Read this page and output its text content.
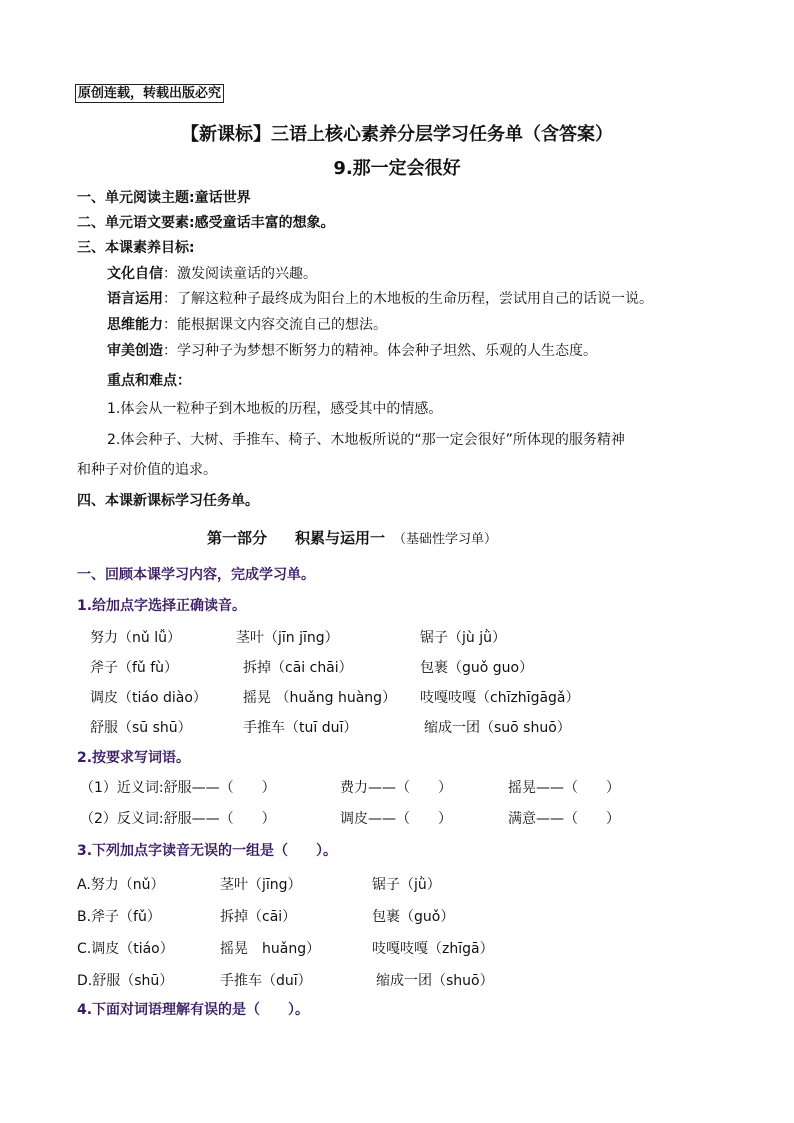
原创连载，转载出版必究
【新课标】三语上核心素养分层学习任务单（含答案）
9.那一定会很好
一、单元阅读主题:童话世界
二、单元语文要素:感受童话丰富的想象。
三、本课素养目标:
文化自信：激发阅读童话的兴趣。
语言运用：了解这粒种子最终成为阳台上的木地板的生命历程，尝试用自己的话说一说。
思维能力：能根据课文内容交流自己的想法。
审美创造：学习种子为梦想不断努力的精神。体会种子坦然、乐观的人生态度。
重点和难点：
1.体会从一粒种子到木地板的历程，感受其中的情感。
2.体会种子、大树、手推车、椅子、木地板所说的“那一定会很好”所体现的服务精神
和种子对价值的追求。
四、本课新课标学习任务单。
第一部分 积累与运用一 （基础性学习单）
一、回顾本课学习内容，完成学习单。
1.给加点字选择正确读音。
努力（nǔ lǚ）	茎叶（jīn jīng）	锯子（jù jǜ）
斧子（fǔ fù）	拆掉（cāi chāi）	包裹（guǒ guo）
调皮（tiáo diào）	摇晃 （huǎng huàng） 吱嘎吱嘎（chīzhīgāgǎ）
舒服（sū shū）	手推车（tuī duī）	缩成一团（suō shuō）
2.按要求写词语。
（1）近义词:舒服——（　　）	费力——（　　）	摇晃——（　　）
（2）反义词:舒服——（　　）	调皮——（　　）	满意——（　　）
3.下列加点字读音无误的一组是（　　）。
A.努力（nǔ）	茎叶（jīng）	锯子（jǜ）
B.斧子（fǔ）	拆掉（cāi）	包裹（guǒ）
C.调皮（tiáo）	摇晃　huǎng）	吱嘎吱嘎（zhīgā）
D.舒服（shū）	手推车（duī）	缩成一团（shuō）
4.下面对词语理解有误的是（　　）。
